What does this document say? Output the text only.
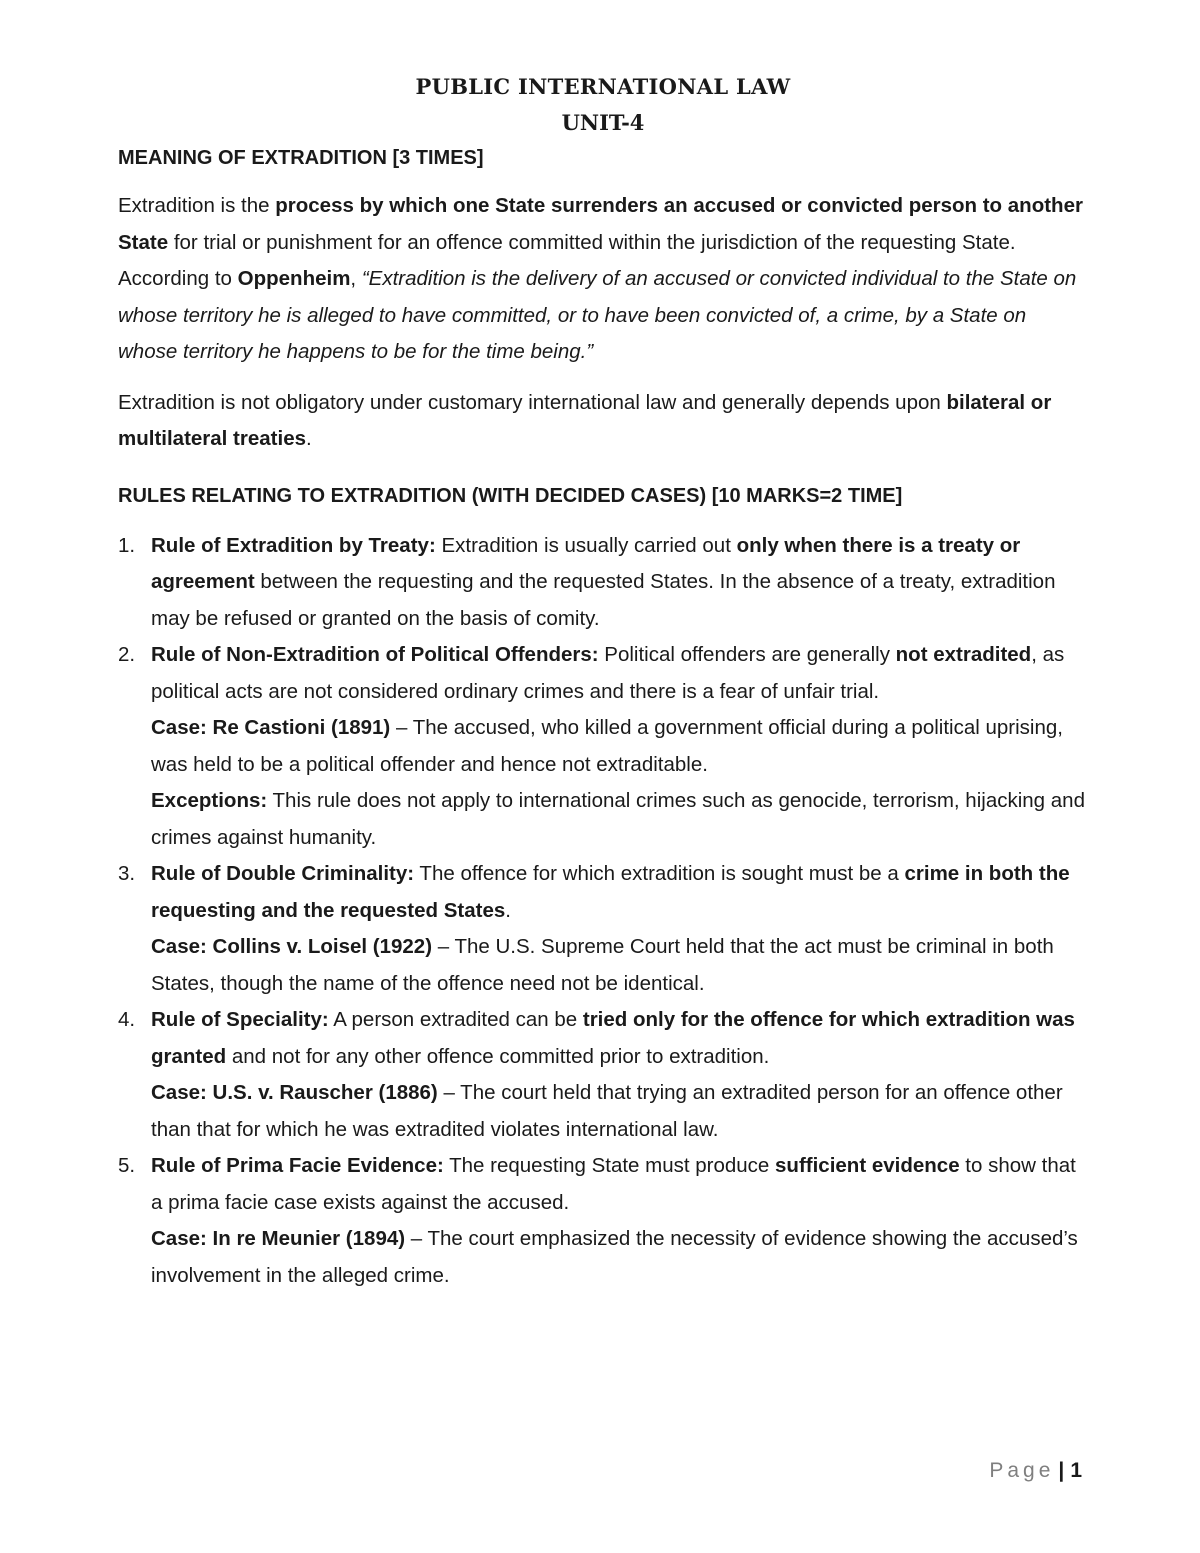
PUBLIC INTERNATIONAL LAW
UNIT-4
MEANING OF EXTRADITION [3 TIMES]

Extradition is the process by which one State surrenders an accused or convicted person to another State for trial or punishment for an offence committed within the jurisdiction of the requesting State.

According to Oppenheim, “Extradition is the delivery of an accused or convicted individual to the State on whose territory he is alleged to have committed, or to have been convicted of, a crime, by a State on whose territory he happens to be for the time being.”

Extradition is not obligatory under customary international law and generally depends upon bilateral or multilateral treaties.

RULES RELATING TO EXTRADITION (WITH DECIDED CASES) [10 MARKS=2 TIME]
1. Rule of Extradition by Treaty: Extradition is usually carried out only when there is a treaty or agreement between the requesting and the requested States. In the absence of a treaty, extradition may be refused or granted on the basis of comity.
2. Rule of Non-Extradition of Political Offenders: Political offenders are generally not extradited, as political acts are not considered ordinary crimes and there is a fear of unfair trial.
Case: Re Castioni (1891) – The accused, who killed a government official during a political uprising, was held to be a political offender and hence not extraditable.
Exceptions: This rule does not apply to international crimes such as genocide, terrorism, hijacking and crimes against humanity.
3. Rule of Double Criminality: The offence for which extradition is sought must be a crime in both the requesting and the requested States.
Case: Collins v. Loisel (1922) – The U.S. Supreme Court held that the act must be criminal in both States, though the name of the offence need not be identical.
4. Rule of Speciality: A person extradited can be tried only for the offence for which extradition was granted and not for any other offence committed prior to extradition.
Case: U.S. v. Rauscher (1886) – The court held that trying an extradited person for an offence other than that for which he was extradited violates international law.
5. Rule of Prima Facie Evidence: The requesting State must produce sufficient evidence to show that a prima facie case exists against the accused.
Case: In re Meunier (1894) – The court emphasized the necessity of evidence showing the accused’s involvement in the alleged crime.
Page | 1
